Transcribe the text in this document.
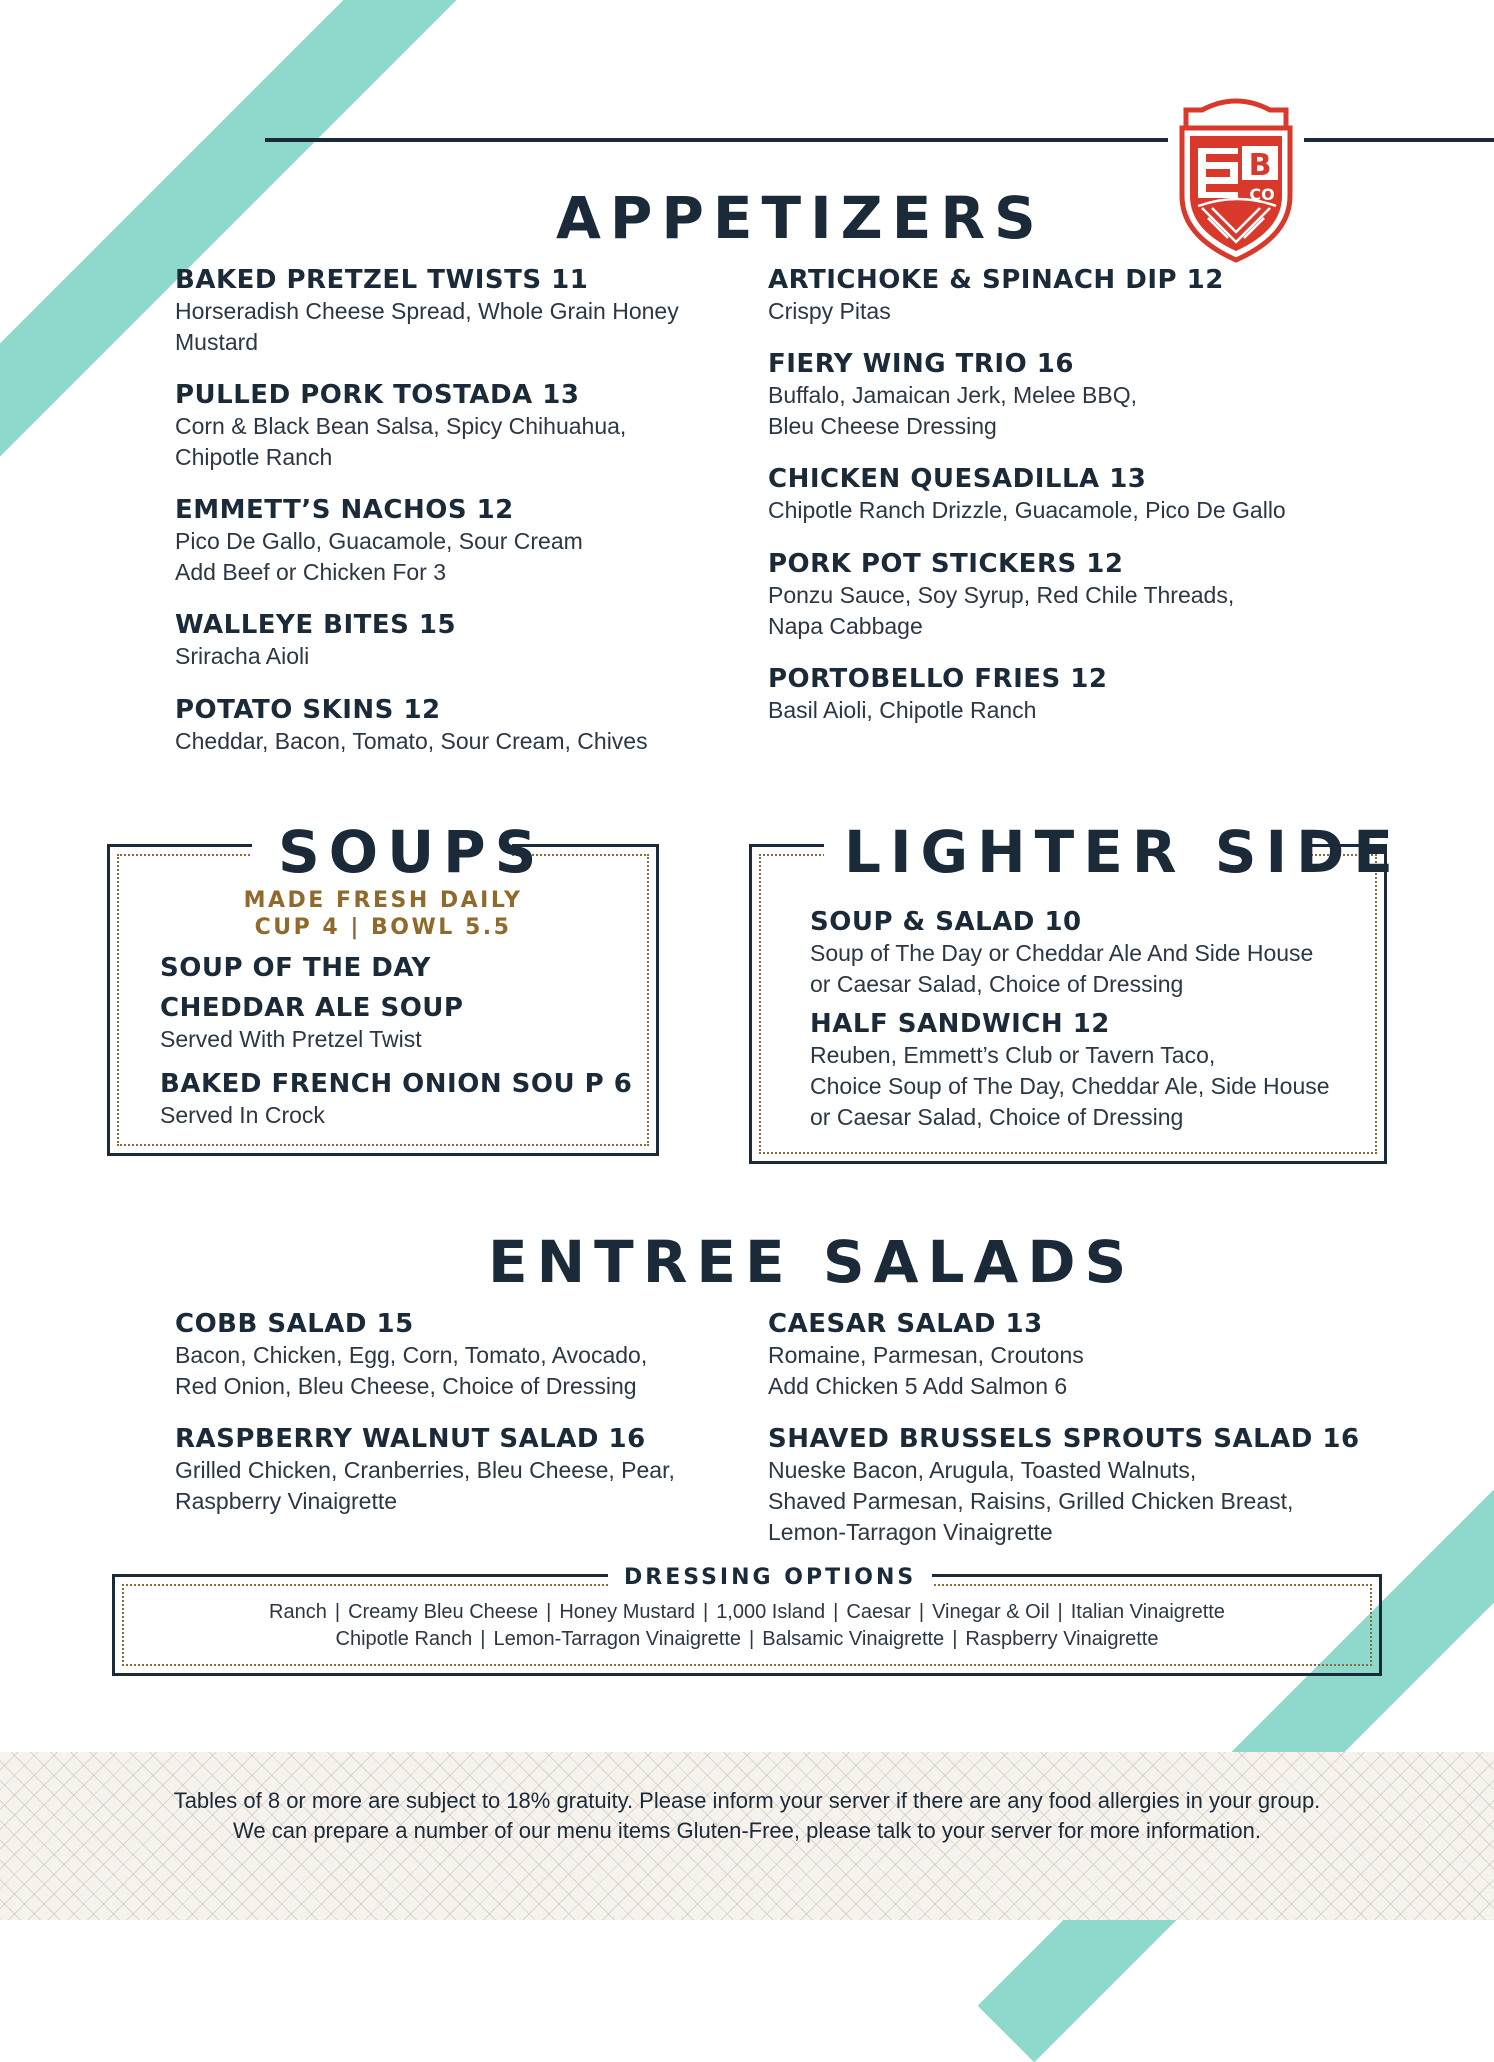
B
CO
APPETIZERS
BAKED PRETZEL TWISTS 11
Horseradish Cheese Spread, Whole Grain Honey
Mustard
PULLED PORK TOSTADA 13
Corn & Black Bean Salsa, Spicy Chihuahua,
Chipotle Ranch
EMMETT’S NACHOS 12
Pico De Gallo, Guacamole, Sour Cream
Add Beef or Chicken For 3
WALLEYE BITES 15
Sriracha Aioli
POTATO SKINS 12
Cheddar, Bacon, Tomato, Sour Cream, Chives
ARTICHOKE & SPINACH DIP 12
Crispy Pitas
FIERY WING TRIO 16
Buffalo, Jamaican Jerk, Melee BBQ,
Bleu Cheese Dressing
CHICKEN QUESADILLA 13
Chipotle Ranch Drizzle, Guacamole, Pico De Gallo
PORK POT STICKERS 12
Ponzu Sauce, Soy Syrup, Red Chile Threads,
Napa Cabbage
PORTOBELLO FRIES 12
Basil Aioli, Chipotle Ranch
SOUPS
MADE FRESH DAILY
CUP 4 | BOWL 5.5
SOUP OF THE DAY
CHEDDAR ALE SOUP
Served With Pretzel Twist
BAKED FRENCH ONION SOU P 6
Served In Crock
LIGHTER SIDE
SOUP & SALAD 10
Soup of The Day or Cheddar Ale And Side House
or Caesar Salad, Choice of Dressing
HALF SANDWICH 12
Reuben, Emmett’s Club or Tavern Taco,
Choice Soup of The Day, Cheddar Ale, Side House
or Caesar Salad, Choice of Dressing
ENTREE SALADS
COBB SALAD 15
Bacon, Chicken, Egg, Corn, Tomato, Avocado,
Red Onion, Bleu Cheese, Choice of Dressing
RASPBERRY WALNUT SALAD 16
Grilled Chicken, Cranberries, Bleu Cheese, Pear,
Raspberry Vinaigrette
CAESAR SALAD 13
Romaine, Parmesan, Croutons
Add Chicken 5 Add Salmon 6
SHAVED BRUSSELS SPROUTS SALAD 16
Nueske Bacon, Arugula, Toasted Walnuts,
Shaved Parmesan, Raisins, Grilled Chicken Breast,
Lemon-Tarragon Vinaigrette
Ranch | Creamy Bleu Cheese | Honey Mustard | 1,000 Island | Caesar | Vinegar & Oil | Italian Vinaigrette
Chipotle Ranch | Lemon-Tarragon Vinaigrette | Balsamic Vinaigrette | Raspberry Vinaigrette
DRESSING OPTIONS
Tables of 8 or more are subject to 18% gratuity. Please inform your server if there are any food allergies in your group.
We can prepare a number of our menu items Gluten-Free, please talk to your server for more information.
